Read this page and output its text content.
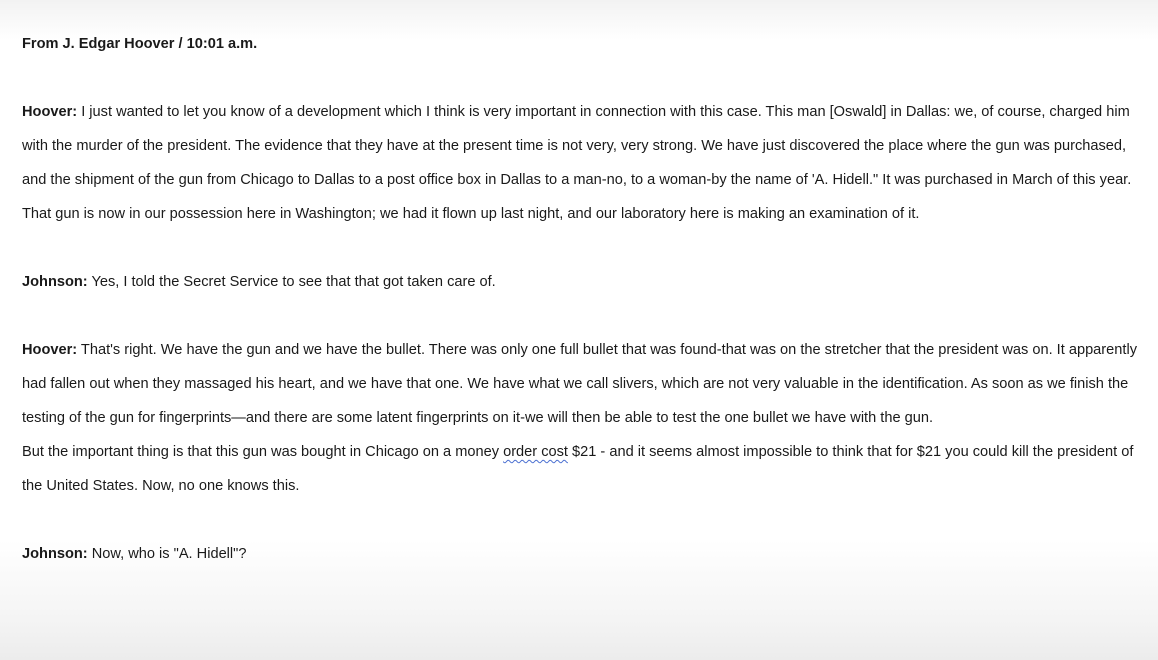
From J. Edgar Hoover / 10:01 a.m.

Hoover: I just wanted to let you know of a development which I think is very important in connection with this case. This man [Oswald] in Dallas: we, of course, charged him with the murder of the president. The evidence that they have at the present time is not very, very strong. We have just discovered the place where the gun was purchased, and the shipment of the gun from Chicago to Dallas to a post office box in Dallas to a man-no, to a woman-by the name of 'A. Hidell." It was purchased in March of this year. That gun is now in our possession here in Washington; we had it flown up last night, and our laboratory here is making an examination of it.

Johnson: Yes, I told the Secret Service to see that that got taken care of.

Hoover: That's right. We have the gun and we have the bullet. There was only one full bullet that was found-that was on the stretcher that the president was on. It apparently had fallen out when they massaged his heart, and we have that one. We have what we call slivers, which are not very valuable in the identification. As soon as we finish the testing of the gun for fingerprints—and there are some latent fingerprints on it-we will then be able to test the one bullet we have with the gun.

But the important thing is that this gun was bought in Chicago on a money order cost $21 - and it seems almost impossible to think that for $21 you could kill the president of the United States. Now, no one knows this.

Johnson: Now, who is "A. Hidell"?
